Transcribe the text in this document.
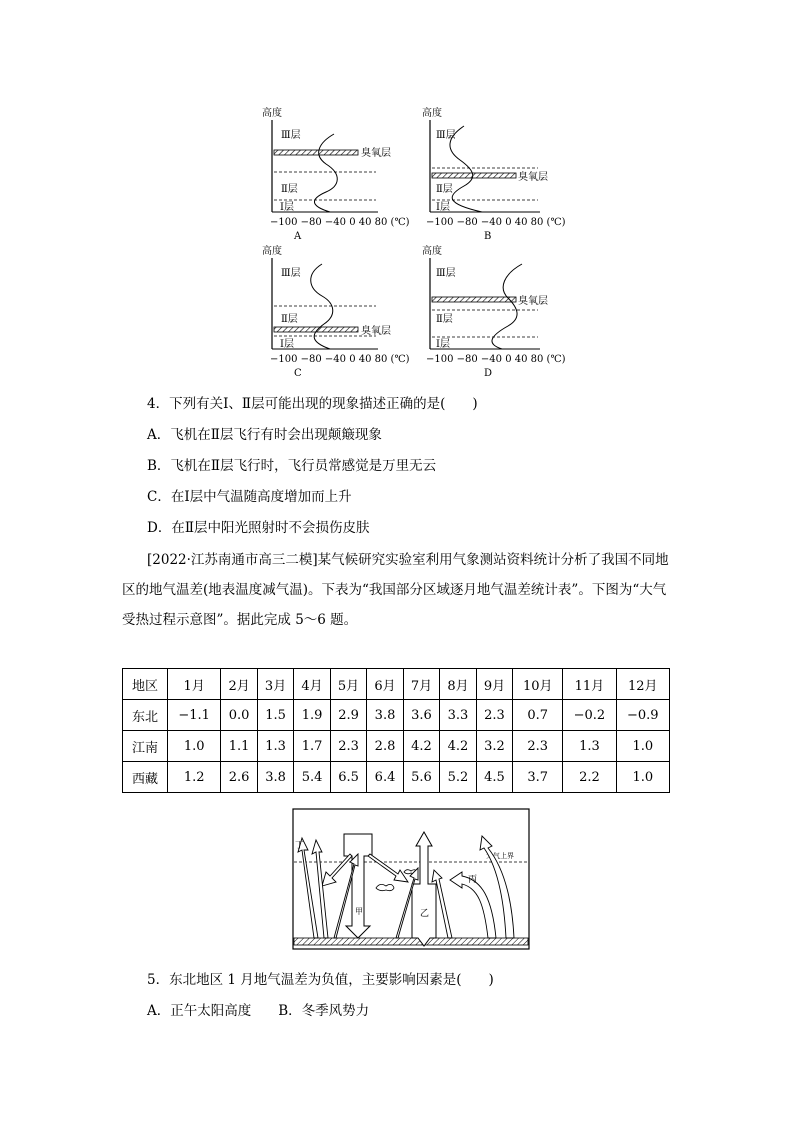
高度
Ⅲ层
臭氧层
Ⅱ层
Ⅰ层
−100 −80 −40 0 40 80 (℃)
A
高度
Ⅲ层
臭氧层
Ⅱ层
Ⅰ层
−100 −80 −40 0 40 80 (℃)
B
高度
Ⅲ层
Ⅱ层
臭氧层
Ⅰ层
−100 −80 −40 0 40 80 (℃)
C
高度
Ⅲ层
臭氧层
Ⅱ层
Ⅰ层
−100 −80 −40 0 40 80 (℃)
D
4．下列有关Ⅰ、Ⅱ层可能出现的现象描述正确的是(　　)
A．飞机在Ⅱ层飞行有时会出现颠簸现象
B．飞机在Ⅱ层飞行时，飞行员常感觉是万里无云
C．在Ⅰ层中气温随高度增加而上升
D．在Ⅱ层中阳光照射时不会损伤皮肤
[2022·江苏南通市高三二模]某气候研究实验室利用气象测站资料统计分析了我国不同地区的地气温差(地表温度减气温)。下表为“我国部分区域逐月地气温差统计表”。下图为“大气受热过程示意图”。据此完成 5～6 题。
地区	1月	2月	3月	4月	5月	6月	7月	8月	9月	10月	11月	12月
东北	−1.1	0.0	1.5	1.9	2.9	3.8	3.6	3.3	2.3	0.7	−0.2	−0.9
江南	1.0	1.1	1.3	1.7	2.3	2.8	4.2	4.2	3.2	2.3	1.3	1.0
西藏	1.2	2.6	3.8	5.4	6.5	6.4	5.6	5.2	4.5	3.7	2.2	1.0
大气上界
甲
丁
乙
丙
5．东北地区 1 月地气温差为负值，主要影响因素是(　　)
A．正午太阳高度　　B．冬季风势力
